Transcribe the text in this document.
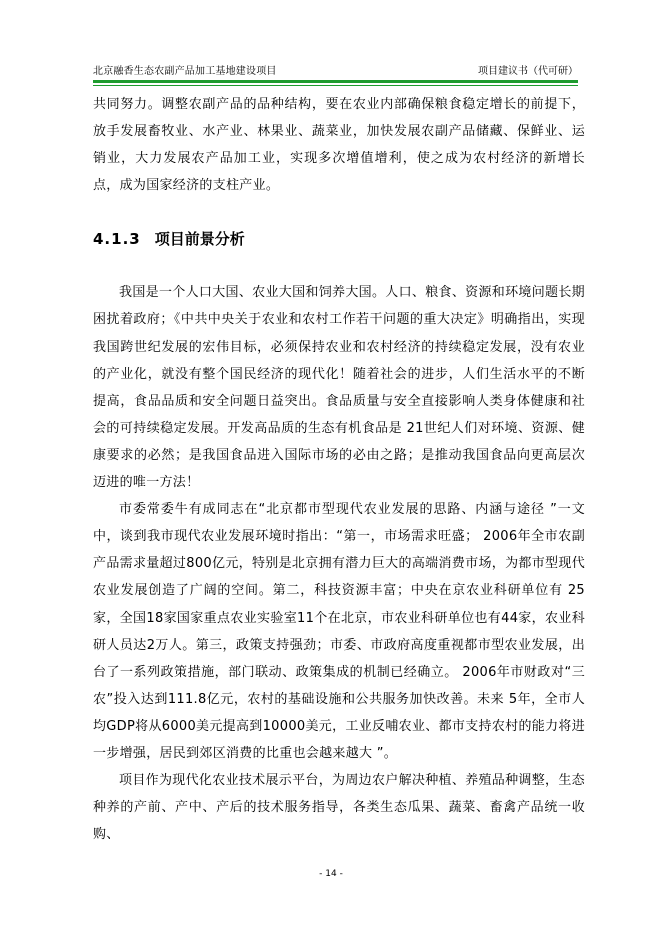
北京融香生态农副产品加工基地建设项目	项目建议书（代可研）

共同努力。调整农副产品的品种结构，要在农业内部确保粮食稳定增长的前提下，放手发展畜牧业、水产业、林果业、蔬菜业，加快发展农副产品储藏、保鲜业、运销业，大力发展农产品加工业，实现多次增值增利，使之成为农村经济的新增长点，成为国家经济的支柱产业。

4.1.3 项目前景分析

我国是一个人口大国、农业大国和饲养大国。人口、粮食、资源和环境问题长期困扰着政府；《中共中央关于农业和农村工作若干问题的重大决定》明确指出，实现我国跨世纪发展的宏伟目标，必须保持农业和农村经济的持续稳定发展，没有农业的产业化，就没有整个国民经济的现代化！随着社会的进步，人们生活水平的不断提高，食品品质和安全问题日益突出。食品质量与安全直接影响人类身体健康和社会的可持续稳定发展。开发高品质的生态有机食品是 21世纪人们对环境、资源、健康要求的必然；是我国食品进入国际市场的必由之路；是推动我国食品向更高层次迈进的唯一方法！

市委常委牛有成同志在“北京都市型现代农业发展的思路、内涵与途径 ”一文中，谈到我市现代农业发展环境时指出：“第一，市场需求旺盛； 2006年全市农副产品需求量超过800亿元，特别是北京拥有潜力巨大的高端消费市场，为都市型现代农业发展创造了广阔的空间。第二，科技资源丰富；中央在京农业科研单位有 25家，全国18家国家重点农业实验室11个在北京，市农业科研单位也有44家，农业科研人员达2万人。第三，政策支持强劲；市委、市政府高度重视都市型农业发展，出台了一系列政策措施，部门联动、政策集成的机制已经确立。 2006年市财政对“三农”投入达到111.8亿元，农村的基础设施和公共服务加快改善。未来 5年，全市人均GDP将从6000美元提高到10000美元，工业反哺农业、都市支持农村的能力将进一步增强，居民到郊区消费的比重也会越来越大 ”。

项目作为现代化农业技术展示平台，为周边农户解决种植、养殖品种调整，生态种养的产前、产中、产后的技术服务指导，各类生态瓜果、蔬菜、畜禽产品统一收购、

- 14 -
